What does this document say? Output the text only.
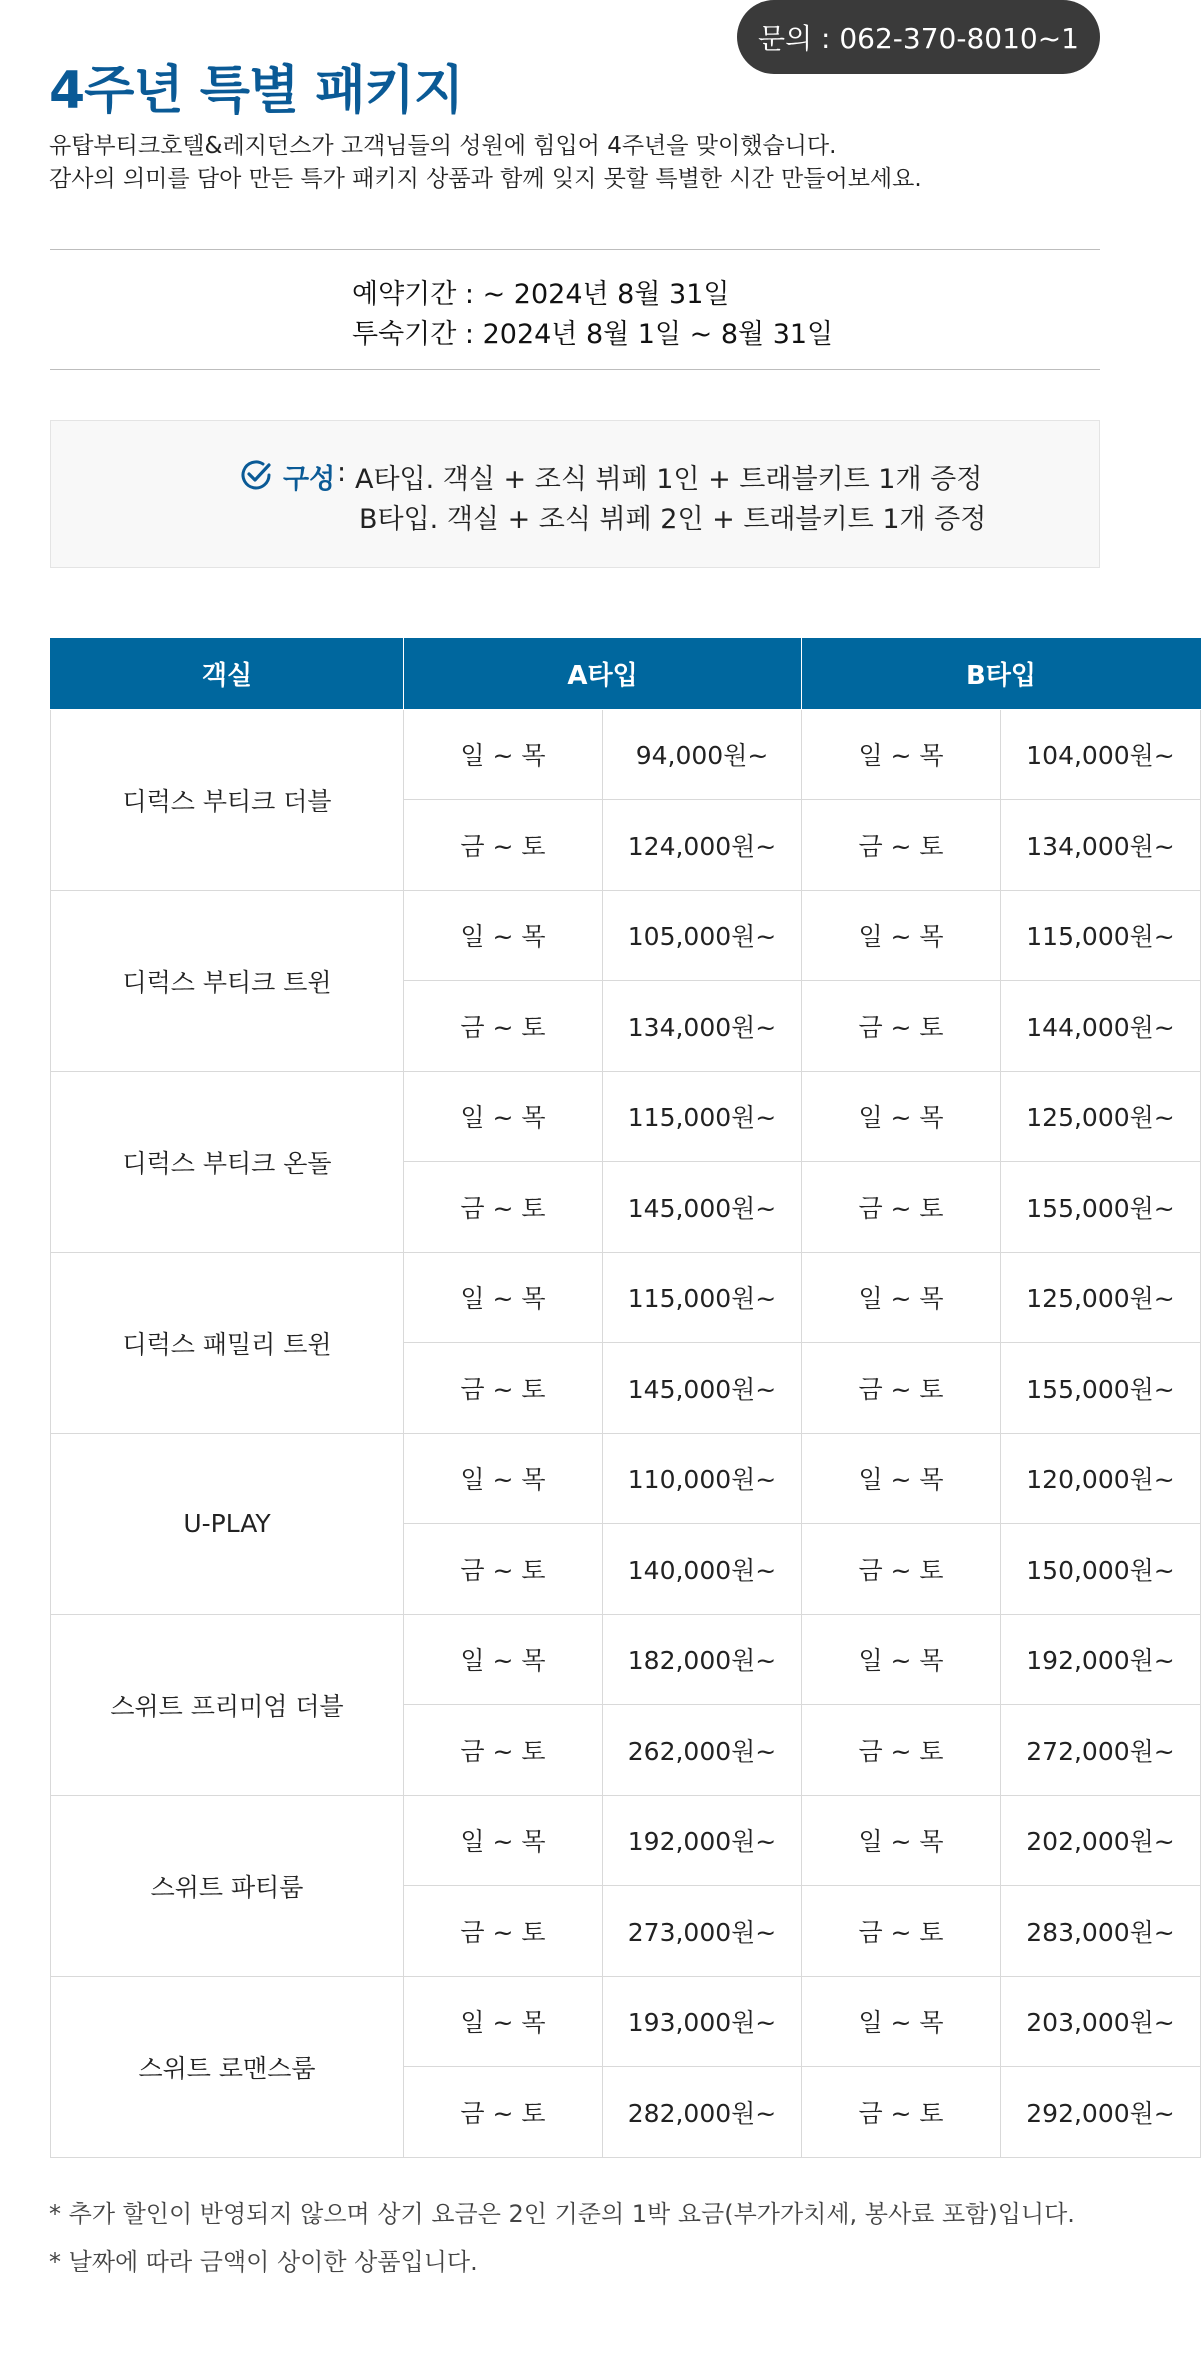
문의 : 062-370-8010~1
4주년 특별 패키지
유탑부티크호텔&레지던스가 고객님들의 성원에 힘입어 4주년을 맞이했습니다.
감사의 의미를 담아 만든 특가 패키지 상품과 함께 잊지 못할 특별한 시간 만들어보세요.
예약기간 : ~ 2024년 8월 31일
투숙기간 : 2024년 8월 1일 ~ 8월 31일
구성 : A타입. 객실 + 조식 뷔페 1인 + 트래블키트 1개 증정
B타입. 객실 + 조식 뷔페 2인 + 트래블키트 1개 증정
객실	A타입		B타입	
디럭스 부티크 더블	일 ~ 목	94,000원~	일 ~ 목	104,000원~
	금 ~ 토	124,000원~	금 ~ 토	134,000원~
디럭스 부티크 트윈	일 ~ 목	105,000원~	일 ~ 목	115,000원~
	금 ~ 토	134,000원~	금 ~ 토	144,000원~
디럭스 부티크 온돌	일 ~ 목	115,000원~	일 ~ 목	125,000원~
	금 ~ 토	145,000원~	금 ~ 토	155,000원~
디럭스 패밀리 트윈	일 ~ 목	115,000원~	일 ~ 목	125,000원~
	금 ~ 토	145,000원~	금 ~ 토	155,000원~
U-PLAY	일 ~ 목	110,000원~	일 ~ 목	120,000원~
	금 ~ 토	140,000원~	금 ~ 토	150,000원~
스위트 프리미엄 더블	일 ~ 목	182,000원~	일 ~ 목	192,000원~
	금 ~ 토	262,000원~	금 ~ 토	272,000원~
스위트 파티룸	일 ~ 목	192,000원~	일 ~ 목	202,000원~
	금 ~ 토	273,000원~	금 ~ 토	283,000원~
스위트 로맨스룸	일 ~ 목	193,000원~	일 ~ 목	203,000원~
	금 ~ 토	282,000원~	금 ~ 토	292,000원~
* 추가 할인이 반영되지 않으며 상기 요금은 2인 기준의 1박 요금(부가가치세, 봉사료 포함)입니다.
* 날짜에 따라 금액이 상이한 상품입니다.
